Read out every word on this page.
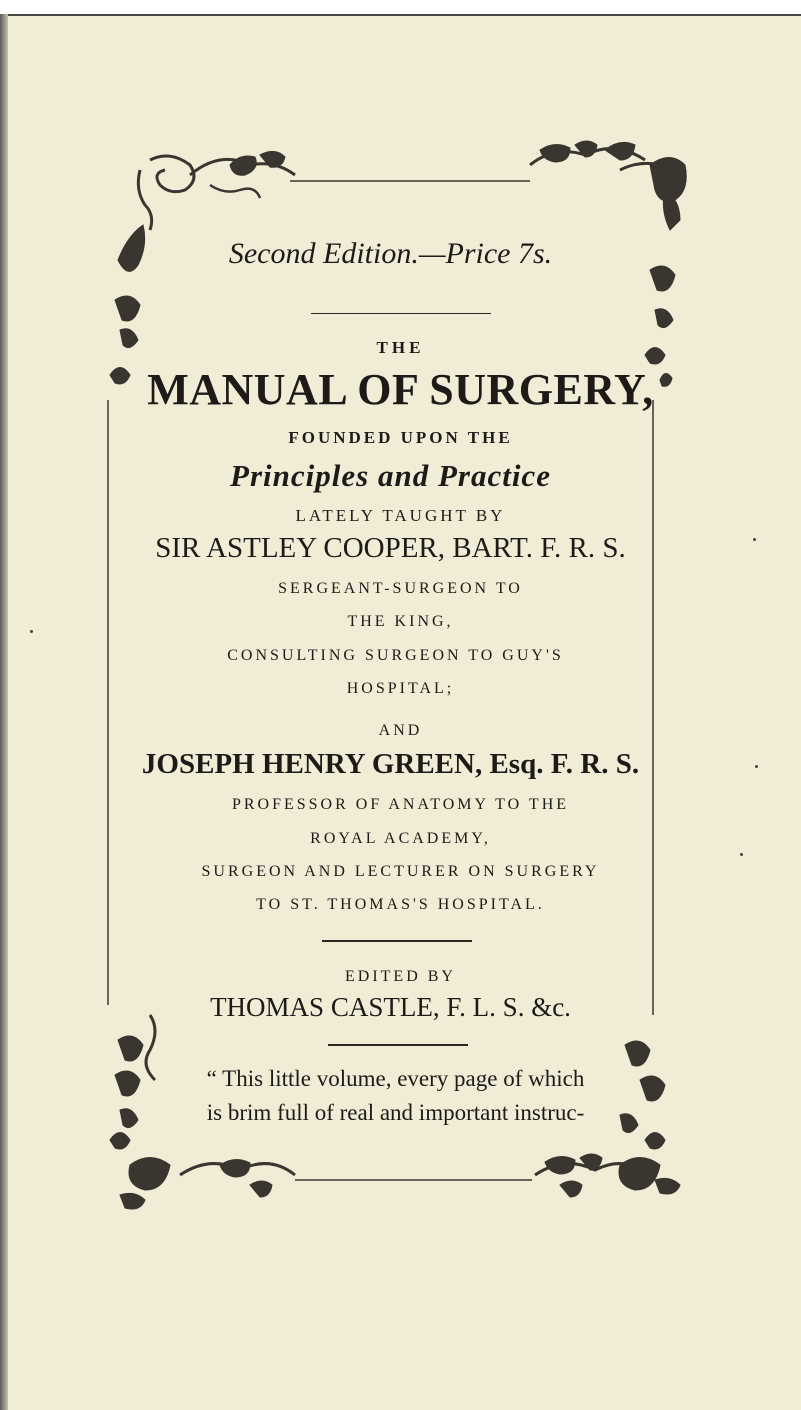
Second Edition.—Price 7s.
THE
MANUAL OF SURGERY,
FOUNDED UPON THE
Principles and Practice
LATELY TAUGHT BY
SIR ASTLEY COOPER, BART. F. R. S.
SERGEANT-SURGEON TO
THE KING,
CONSULTING SURGEON TO GUY'S
HOSPITAL;
AND
JOSEPH HENRY GREEN, Esq. F. R. S.
PROFESSOR OF ANATOMY TO THE
ROYAL ACADEMY,
SURGEON AND LECTURER ON SURGERY
TO ST. THOMAS'S HOSPITAL.
EDITED BY
THOMAS CASTLE, F. L. S. &c.
“ This little volume, every page of which
is brim full of real and important instruc-
